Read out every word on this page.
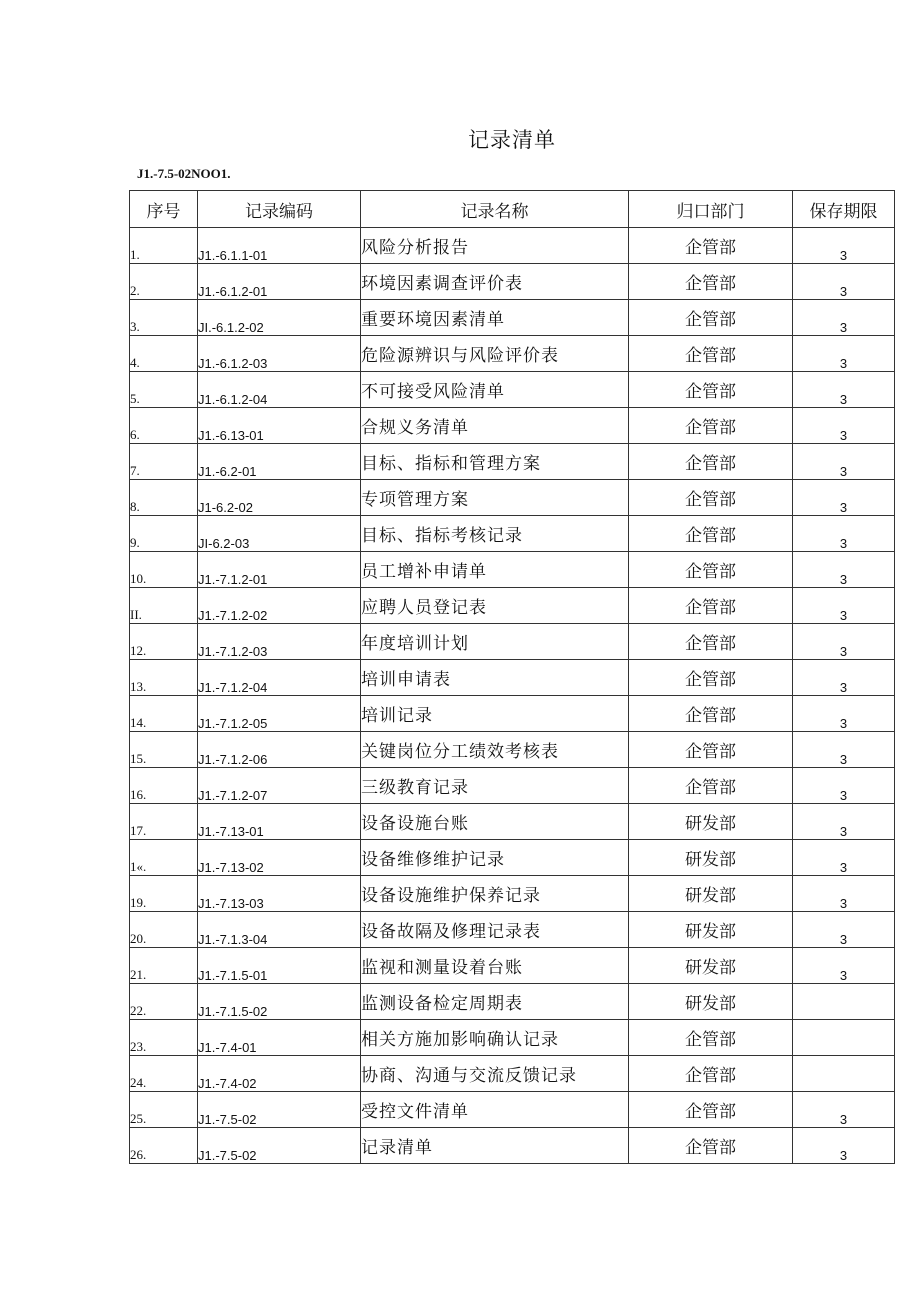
记录清单
J1.-7.5-02NOO1.
序号	记录编码	记录名称	归口部门	保存期限
1.	J1.-6.1.1-01	风险分析报告	企管部	3
2.	J1.-6.1.2-01	环境因素调查评价表	企管部	3
3.	JI.-6.1.2-02	重要环境因素清单	企管部	3
4.	J1.-6.1.2-03	危险源辨识与风险评价表	企管部	3
5.	J1.-6.1.2-04	不可接受风险清单	企管部	3
6.	J1.-6.13-01	合规义务清单	企管部	3
7.	J1.-6.2-01	目标、指标和管理方案	企管部	3
8.	J1-6.2-02	专项管理方案	企管部	3
9.	JI-6.2-03	目标、指标考核记录	企管部	3
10.	J1.-7.1.2-01	员工增补申请单	企管部	3
II.	J1.-7.1.2-02	应聘人员登记表	企管部	3
12.	J1.-7.1.2-03	年度培训计划	企管部	3
13.	J1.-7.1.2-04	培训申请表	企管部	3
14.	J1.-7.1.2-05	培训记录	企管部	3
15.	J1.-7.1.2-06	关键岗位分工绩效考核表	企管部	3
16.	J1.-7.1.2-07	三级教育记录	企管部	3
17.	J1.-7.13-01	设备设施台账	研发部	3
1«.	J1.-7.13-02	设备维修维护记录	研发部	3
19.	J1.-7.13-03	设备设施维护保养记录	研发部	3
20.	J1.-7.1.3-04	设备故隔及修理记录表	研发部	3
21.	J1.-7.1.5-01	监视和测量设着台账	研发部	3
22.	J1.-7.1.5-02	监测设备检定周期表	研发部	
23.	J1.-7.4-01	相关方施加影响确认记录	企管部	
24.	J1.-7.4-02	协商、沟通与交流反馈记录	企管部	
25.	J1.-7.5-02	受控文件清单	企管部	3
26.	J1.-7.5-02	记录清单	企管部	3
